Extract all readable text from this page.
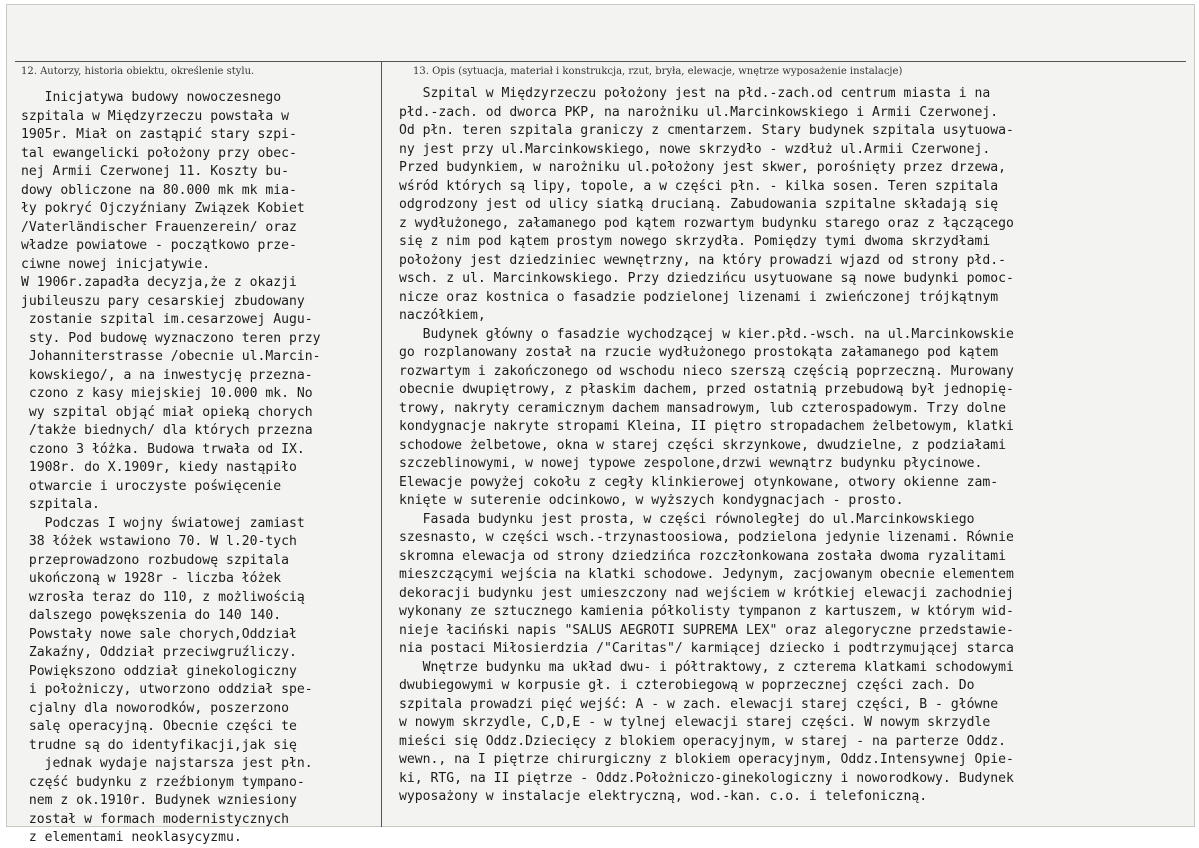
12. Autorzy, historia obiektu, określenie stylu.	13. Opis (sytuacja, materiał i konstrukcja, rzut, bryła, elewacje, wnętrze wyposażenie instalacje)
Inicjatywa budowy nowoczesnego
szpitala w Międzyrzeczu powstała w
1905r. Miał on zastąpić stary szpi-
tal ewangelicki położony przy obec-
nej Armii Czerwonej 11. Koszty bu-
dowy obliczone na 80.000 mk mk mia-
ły pokryć Ojczyźniany Związek Kobiet
/Vaterländischer Frauenzerein/ oraz
władze powiatowe - początkowo prze-
ciwne nowej inicjatywie.
W 1906r.zapadła decyzja,że z okazji
jubileuszu pary cesarskiej zbudowany
zostanie szpital im.cesarzowej Augu-
sty. Pod budowę wyznaczono teren przy
Johanniterstrasse /obecnie ul.Marcin-
kowskiego/, a na inwestycję przezna-
czono z kasy miejskiej 10.000 mk. No
wy szpital objąć miał opieką chorych
/także biednych/ dla których przezna
czono 3 łóżka. Budowa trwała od IX.
1908r. do X.1909r, kiedy nastąpiło
otwarcie i uroczyste poświęcenie
szpitala.
Podczas I wojny światowej zamiast
38 łóżek wstawiono 70. W l.20-tych
przeprowadzono rozbudowę szpitala
ukończoną w 1928r - liczba łóżek
wzrosła teraz do 110, z możliwością
dalszego powększenia do 140 140.
Powstały nowe sale chorych,Oddział
Zakaźny, Oddział przeciwgruźliczy.
Powiększono oddział ginekologiczny
i położniczy, utworzono oddział spe-
cjalny dla noworodków, poszerzono
salę operacyjną. Obecnie części te
trudne są do identyfikacji,jak się
jednak wydaje najstarsza jest płn.
część budynku z rzeźbionym tympano-
nem z ok.1910r. Budynek wzniesiony
został w formach modernistycznych
z elementami neoklasycyzmu.
Szpital w Międzyrzeczu położony jest na płd.-zach.od centrum miasta i na
płd.-zach. od dworca PKP, na narożniku ul.Marcinkowskiego i Armii Czerwonej.
Od płn. teren szpitala graniczy z cmentarzem. Stary budynek szpitala usytuowa-
ny jest przy ul.Marcinkowskiego, nowe skrzydło - wzdłuż ul.Armii Czerwonej.
Przed budynkiem, w narożniku ul.położony jest skwer, porośnięty przez drzewa,
wśród których są lipy, topole, a w części płn. - kilka sosen. Teren szpitala
odgrodzony jest od ulicy siatką drucianą. Zabudowania szpitalne składają się
z wydłużonego, załamanego pod kątem rozwartym budynku starego oraz z łączącego
się z nim pod kątem prostym nowego skrzydła. Pomiędzy tymi dwoma skrzydłami
położony jest dziedziniec wewnętrzny, na który prowadzi wjazd od strony płd.-
wsch. z ul. Marcinkowskiego. Przy dziedzińcu usytuowane są nowe budynki pomoc-
nicze oraz kostnica o fasadzie podzielonej lizenami i zwieńczonej trójkątnym
naczółkiem,
Budynek główny o fasadzie wychodzącej w kier.płd.-wsch. na ul.Marcinkowskie
go rozplanowany został na rzucie wydłużonego prostokąta załamanego pod kątem
rozwartym i zakończonego od wschodu nieco szerszą częścią poprzeczną. Murowany
obecnie dwupiętrowy, z płaskim dachem, przed ostatnią przebudową był jednopię-
trowy, nakryty ceramicznym dachem mansadrowym, lub czterospadowym. Trzy dolne
kondygnacje nakryte stropami Kleina, II piętro stropadachem żelbetowym, klatki
schodowe żelbetowe, okna w starej części skrzynkowe, dwudzielne, z podziałami
szczeblinowymi, w nowej typowe zespolone,drzwi wewnątrz budynku płycinowe.
Elewacje powyżej cokołu z cegły klinkierowej otynkowane, otwory okienne zam-
knięte w suterenie odcinkowo, w wyższych kondygnacjach - prosto.
Fasada budynku jest prosta, w części równoległej do ul.Marcinkowskiego
szesnasto, w części wsch.-trzynastoosiowa, podzielona jedynie lizenami. Równie
skromna elewacja od strony dziedzińca rozczłonkowana została dwoma ryzalitami
mieszczącymi wejścia na klatki schodowe. Jedynym, zacjowanym obecnie elementem
dekoracji budynku jest umieszczony nad wejściem w krótkiej elewacji zachodniej
wykonany ze sztucznego kamienia półkolisty tympanon z kartuszem, w którym wid-
nieje łaciński napis "SALUS AEGROTI SUPREMA LEX" oraz alegoryczne przedstawie-
nia postaci Miłosierdzia /"Caritas"/ karmiącej dziecko i podtrzymującej starca
Wnętrze budynku ma układ dwu- i półtraktowy, z czterema klatkami schodowymi
dwubiegowymi w korpusie gł. i czterobiegową w poprzecznej części zach. Do
szpitala prowadzi pięć wejść: A - w zach. elewacji starej części, B - główne
w nowym skrzydle, C,D,E - w tylnej elewacji starej części. W nowym skrzydle
mieści się Oddz.Dziecięcy z blokiem operacyjnym, w starej - na parterze Oddz.
wewn., na I piętrze chirurgiczny z blokiem operacyjnym, Oddz.Intensywnej Opie-
ki, RTG, na II piętrze - Oddz.Położniczo-ginekologiczny i noworodkowy. Budynek
wyposażony w instalacje elektryczną, wod.-kan. c.o. i telefoniczną.
